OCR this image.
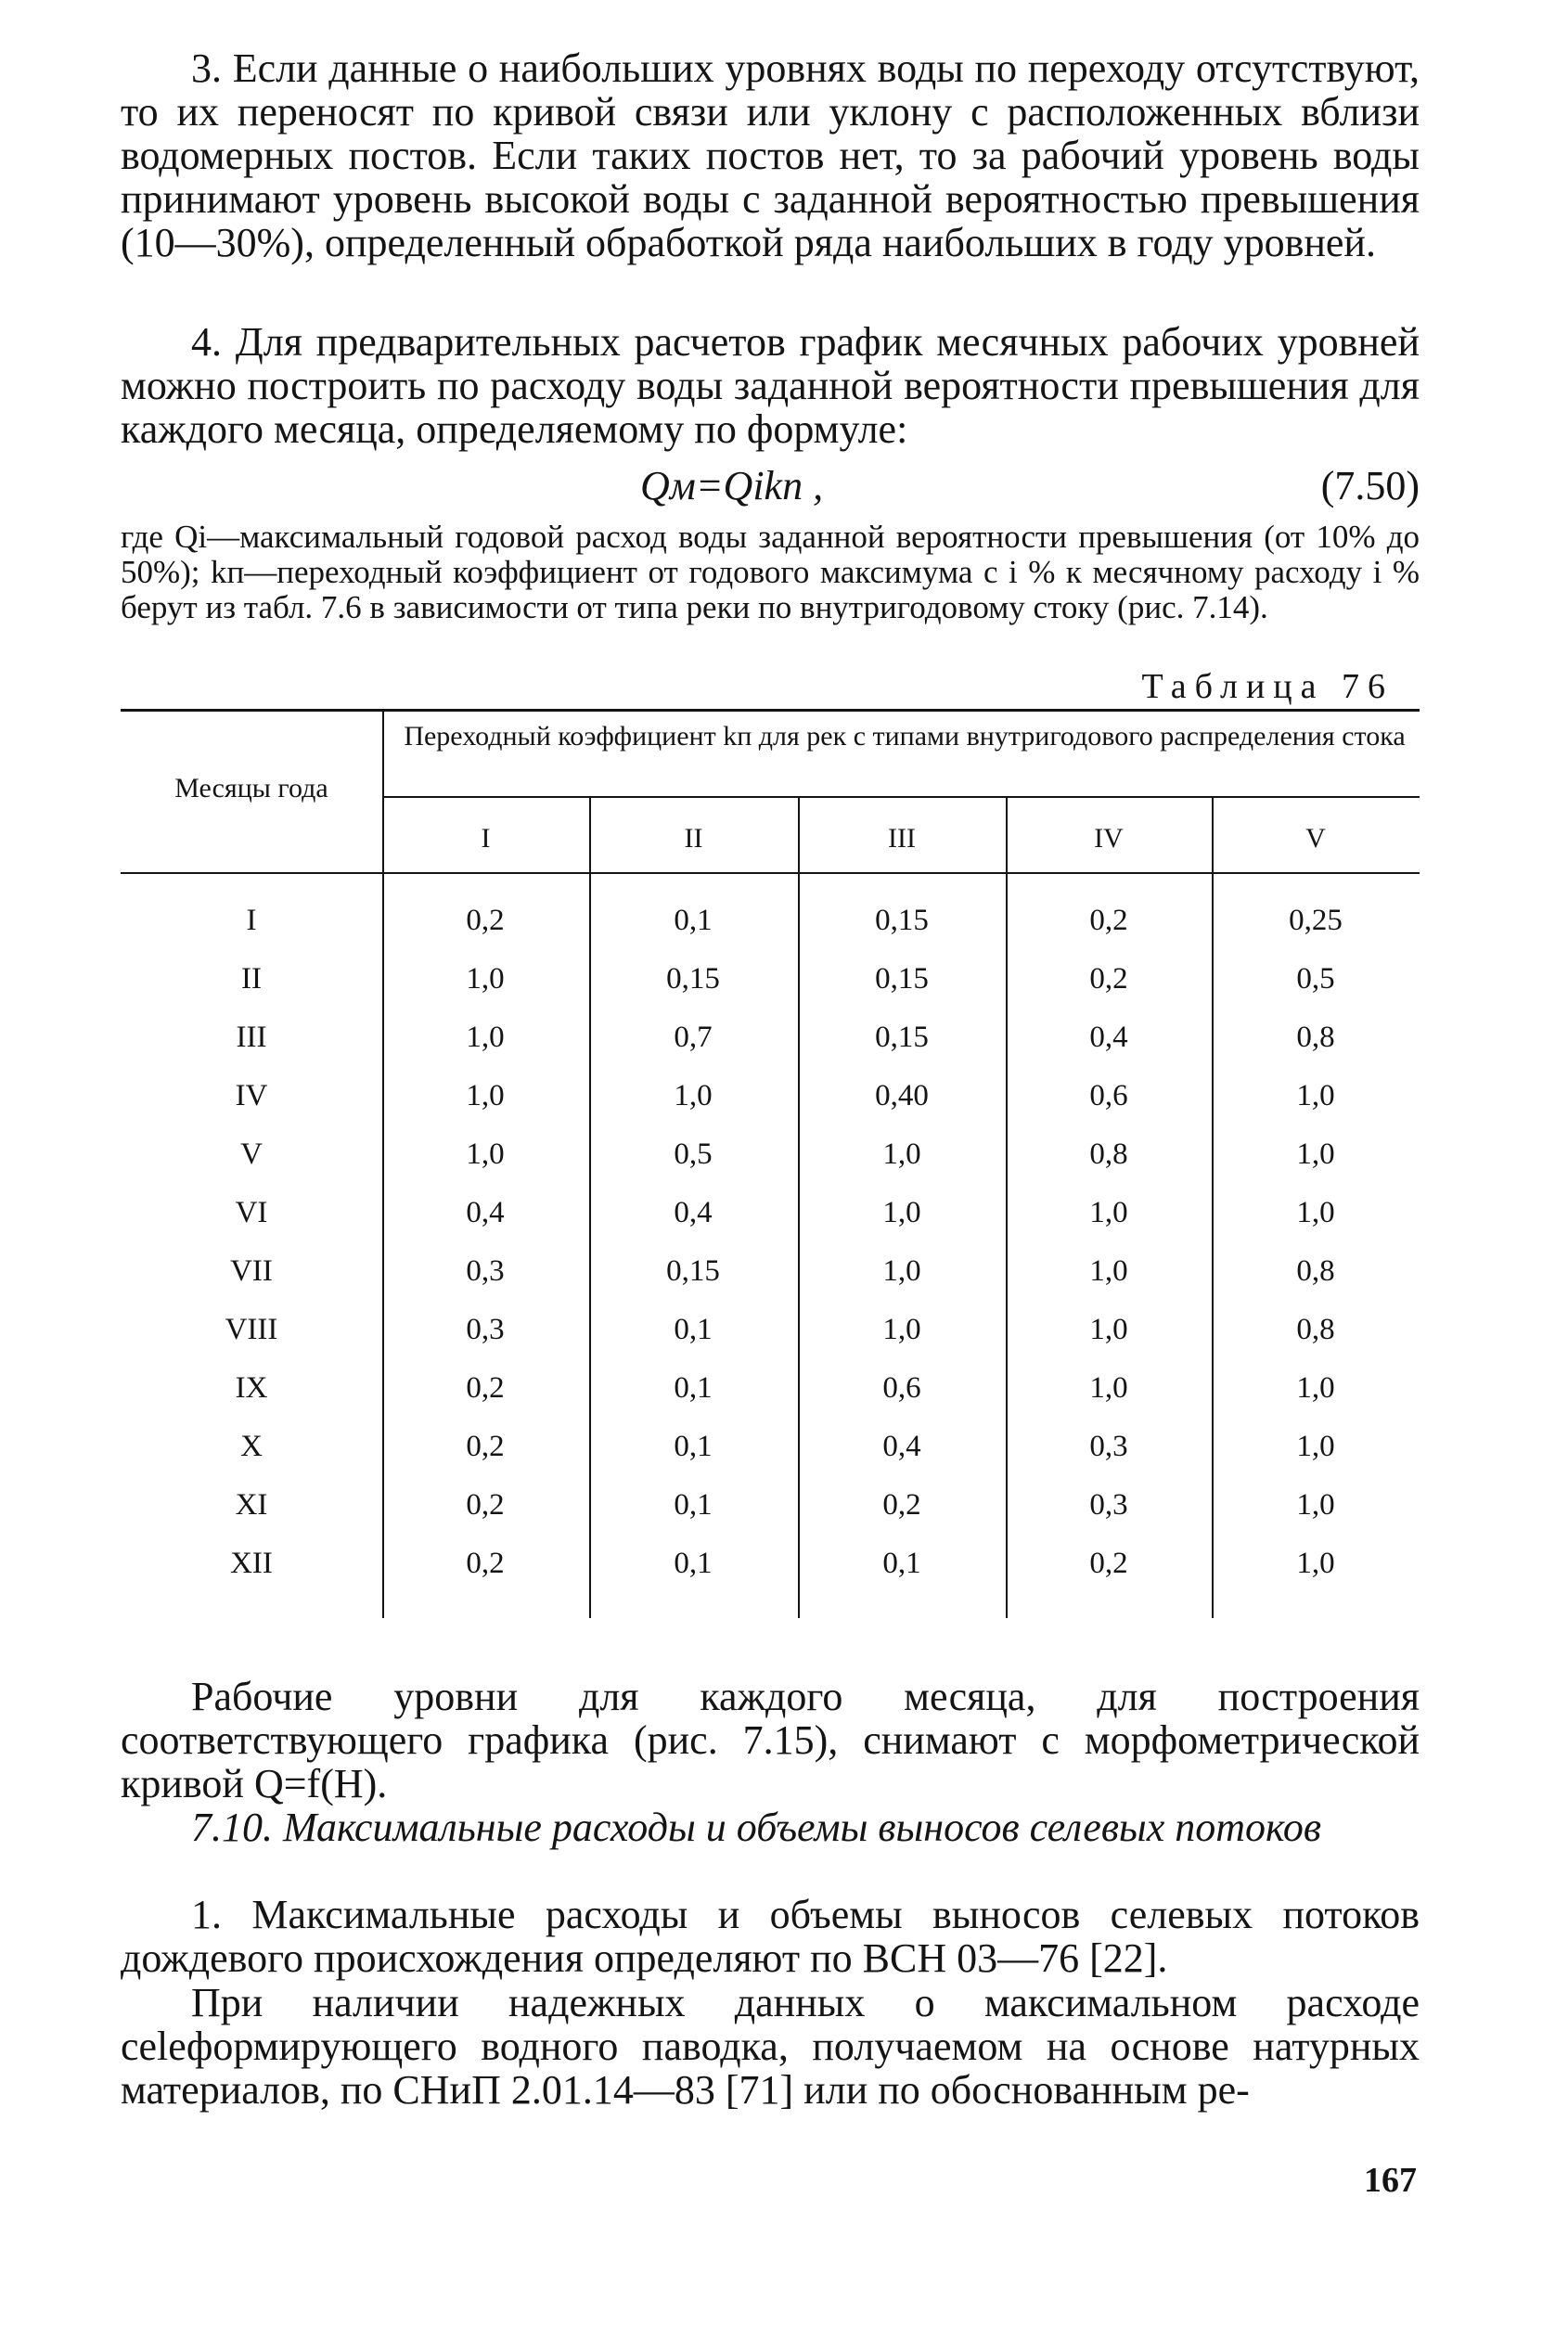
3. Если данные о наибольших уровнях воды по переходу отсутствуют, то их переносят по кривой связи или уклону с расположенных вблизи водомерных постов. Если таких постов нет, то за рабочий уровень воды принимают уровень высокой воды с заданной вероятностью превышения (10—30%), определенный обработкой ряда наибольших в году уровней.

4. Для предварительных расчетов график месячных рабочих уровней можно построить по расходу воды заданной вероятности превышения для каждого месяца, определяемому по формуле:

Qм=Qikп ,	(7.50)

где Qi—максимальный годовой расход воды заданной вероятности превышения (от 10% до 50%); kп—переходный коэффициент от годового максимума с i % к месячному расходу i % берут из табл. 7.6 в зависимости от типа реки по внутригодовому стоку (рис. 7.14).

Таблица 76
Месяцы года
Переходный коэффициент kп для рек с типами внутригодового распределения стока
I	II	III	IV	V
I	0,2	0,1	0,15	0,2	0,25
II	1,0	0,15	0,15	0,2	0,5
III	1,0	0,7	0,15	0,4	0,8
IV	1,0	1,0	0,40	0,6	1,0
V	1,0	0,5	1,0	0,8	1,0
VI	0,4	0,4	1,0	1,0	1,0
VII	0,3	0,15	1,0	1,0	0,8
VIII	0,3	0,1	1,0	1,0	0,8
IX	0,2	0,1	0,6	1,0	1,0
X	0,2	0,1	0,4	0,3	1,0
XI	0,2	0,1	0,2	0,3	1,0
XII	0,2	0,1	0,1	0,2	1,0

Рабочие уровни для каждого месяца, для построения соответствующего графика (рис. 7.15), снимают с морфометрической кривой Q=f(H).

7.10. Максимальные расходы и объемы выносов селевых потоков

1. Максимальные расходы и объемы выносов селевых потоков дождевого происхождения определяют по ВСН 03—76 [22].

При наличии надежных данных о максимальном расходе celeформирующего водного паводка, получаемом на основе натурных материалов, по СНиП 2.01.14—83 [71] или по обоснованным ре-

167
